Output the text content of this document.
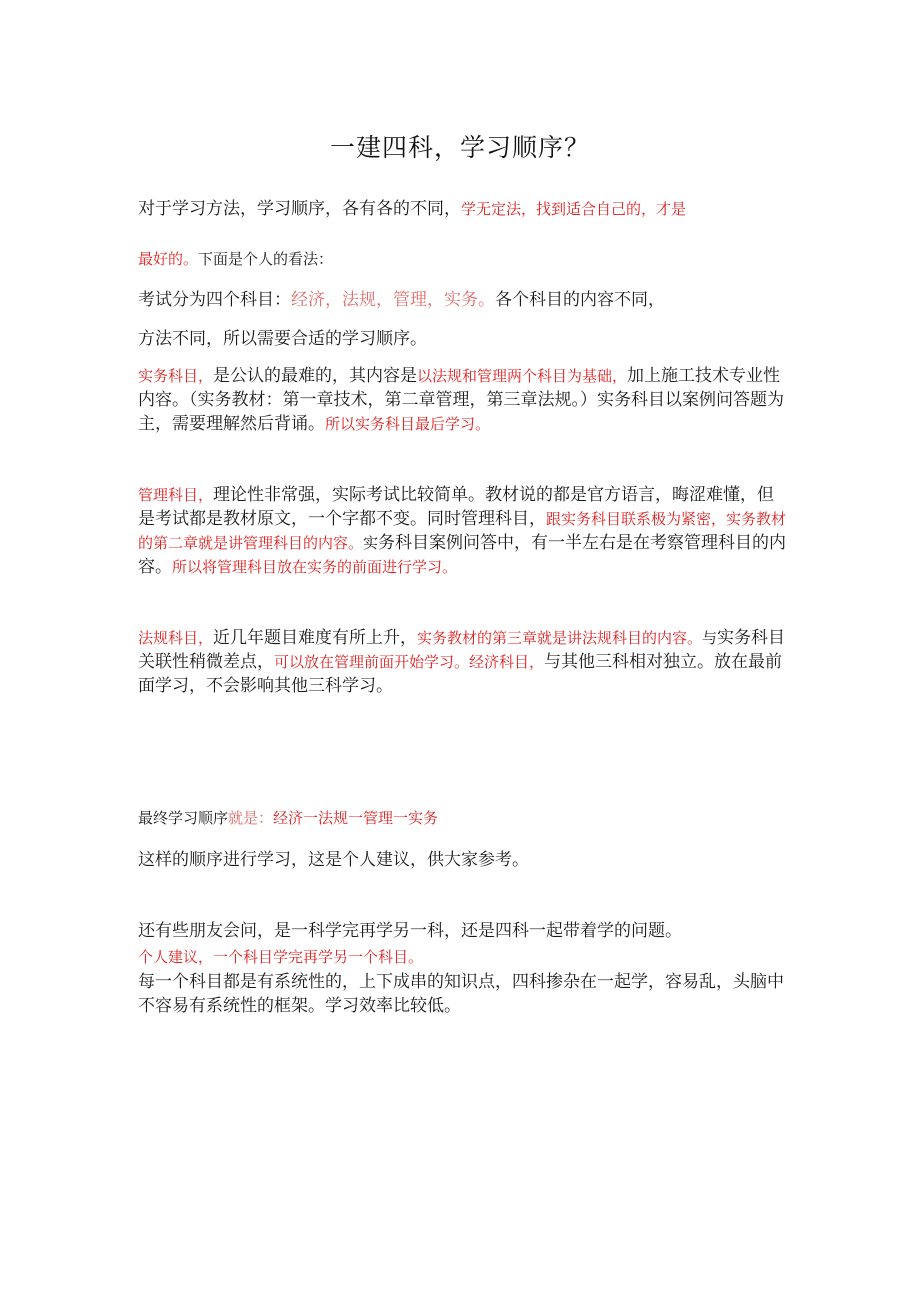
一建四科，学习顺序？
对于学习方法，学习顺序，各有各的不同，学无定法，找到适合自己的，才是
最好的。下面是个人的看法：
考试分为四个科目：经济，法规，管理，实务。各个科目的内容不同，
方法不同，所以需要合适的学习顺序。
实务科目，是公认的最难的，其内容是以法规和管理两个科目为基础，加上施工技术专业性内容。（实务教材：第一章技术，第二章管理，第三章法规。）实务科目以案例问答题为主，需要理解然后背诵。所以实务科目最后学习。
管理科目，理论性非常强，实际考试比较简单。教材说的都是官方语言，晦涩难懂，但是考试都是教材原文，一个字都不变。同时管理科目，跟实务科目联系极为紧密，实务教材的第二章就是讲管理科目的内容。实务科目案例问答中，有一半左右是在考察管理科目的内容。所以将管理科目放在实务的前面进行学习。
法规科目，近几年题目难度有所上升，实务教材的第三章就是讲法规科目的内容。与实务科目关联性稍微差点，可以放在管理前面开始学习。经济科目，与其他三科相对独立。放在最前面学习，不会影响其他三科学习。
最终学习顺序就是：经济一法规一管理一实务
这样的顺序进行学习，这是个人建议，供大家参考。
还有些朋友会问，是一科学完再学另一科，还是四科一起带着学的问题。
个人建议，一个科目学完再学另一个科目。
每一个科目都是有系统性的，上下成串的知识点，四科掺杂在一起学，容易乱，头脑中不容易有系统性的框架。学习效率比较低。
